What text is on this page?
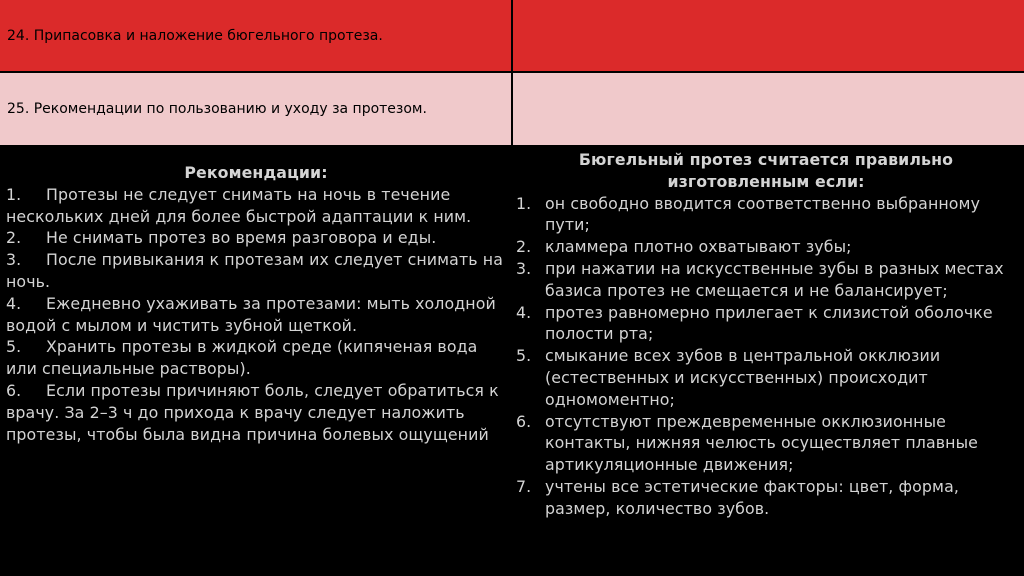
24. Припасовка и наложение бюгельного протеза.
25. Рекомендации по пользованию и уходу за протезом.
Рекомендации:
1. Протезы не следует снимать на ночь в течение нескольких дней для более быстрой адаптации к ним.
2. Не снимать протез во время разговора и еды.
3. После привыкания к протезам их следует снимать на ночь.
4. Ежедневно ухаживать за протезами: мыть холодной водой с мылом и чистить зубной щеткой.
5. Хранить протезы в жидкой среде (кипяченая вода или специальные растворы).
6. Если протезы причиняют боль, следует обратиться к врачу. За 2–3 ч до прихода к врачу следует наложить протезы, чтобы была видна причина болевых ощущений
Бюгельный протез считается правильно изготовленным если:
1. он свободно вводится соответственно выбранному пути;
2. кламмера плотно охватывают зубы;
3. при нажатии на искусственные зубы в разных местах базиса протез не смещается и не балансирует;
4. протез равномерно прилегает к слизистой оболочке полости рта;
5. смыкание всех зубов в центральной окклюзии (естественных и искусственных) происходит одномоментно;
6. отсутствуют преждевременные окклюзионные контакты, нижняя челюсть осуществляет плавные артикуляционные движения;
7. учтены все эстетические факторы: цвет, форма, размер, количество зубов.
